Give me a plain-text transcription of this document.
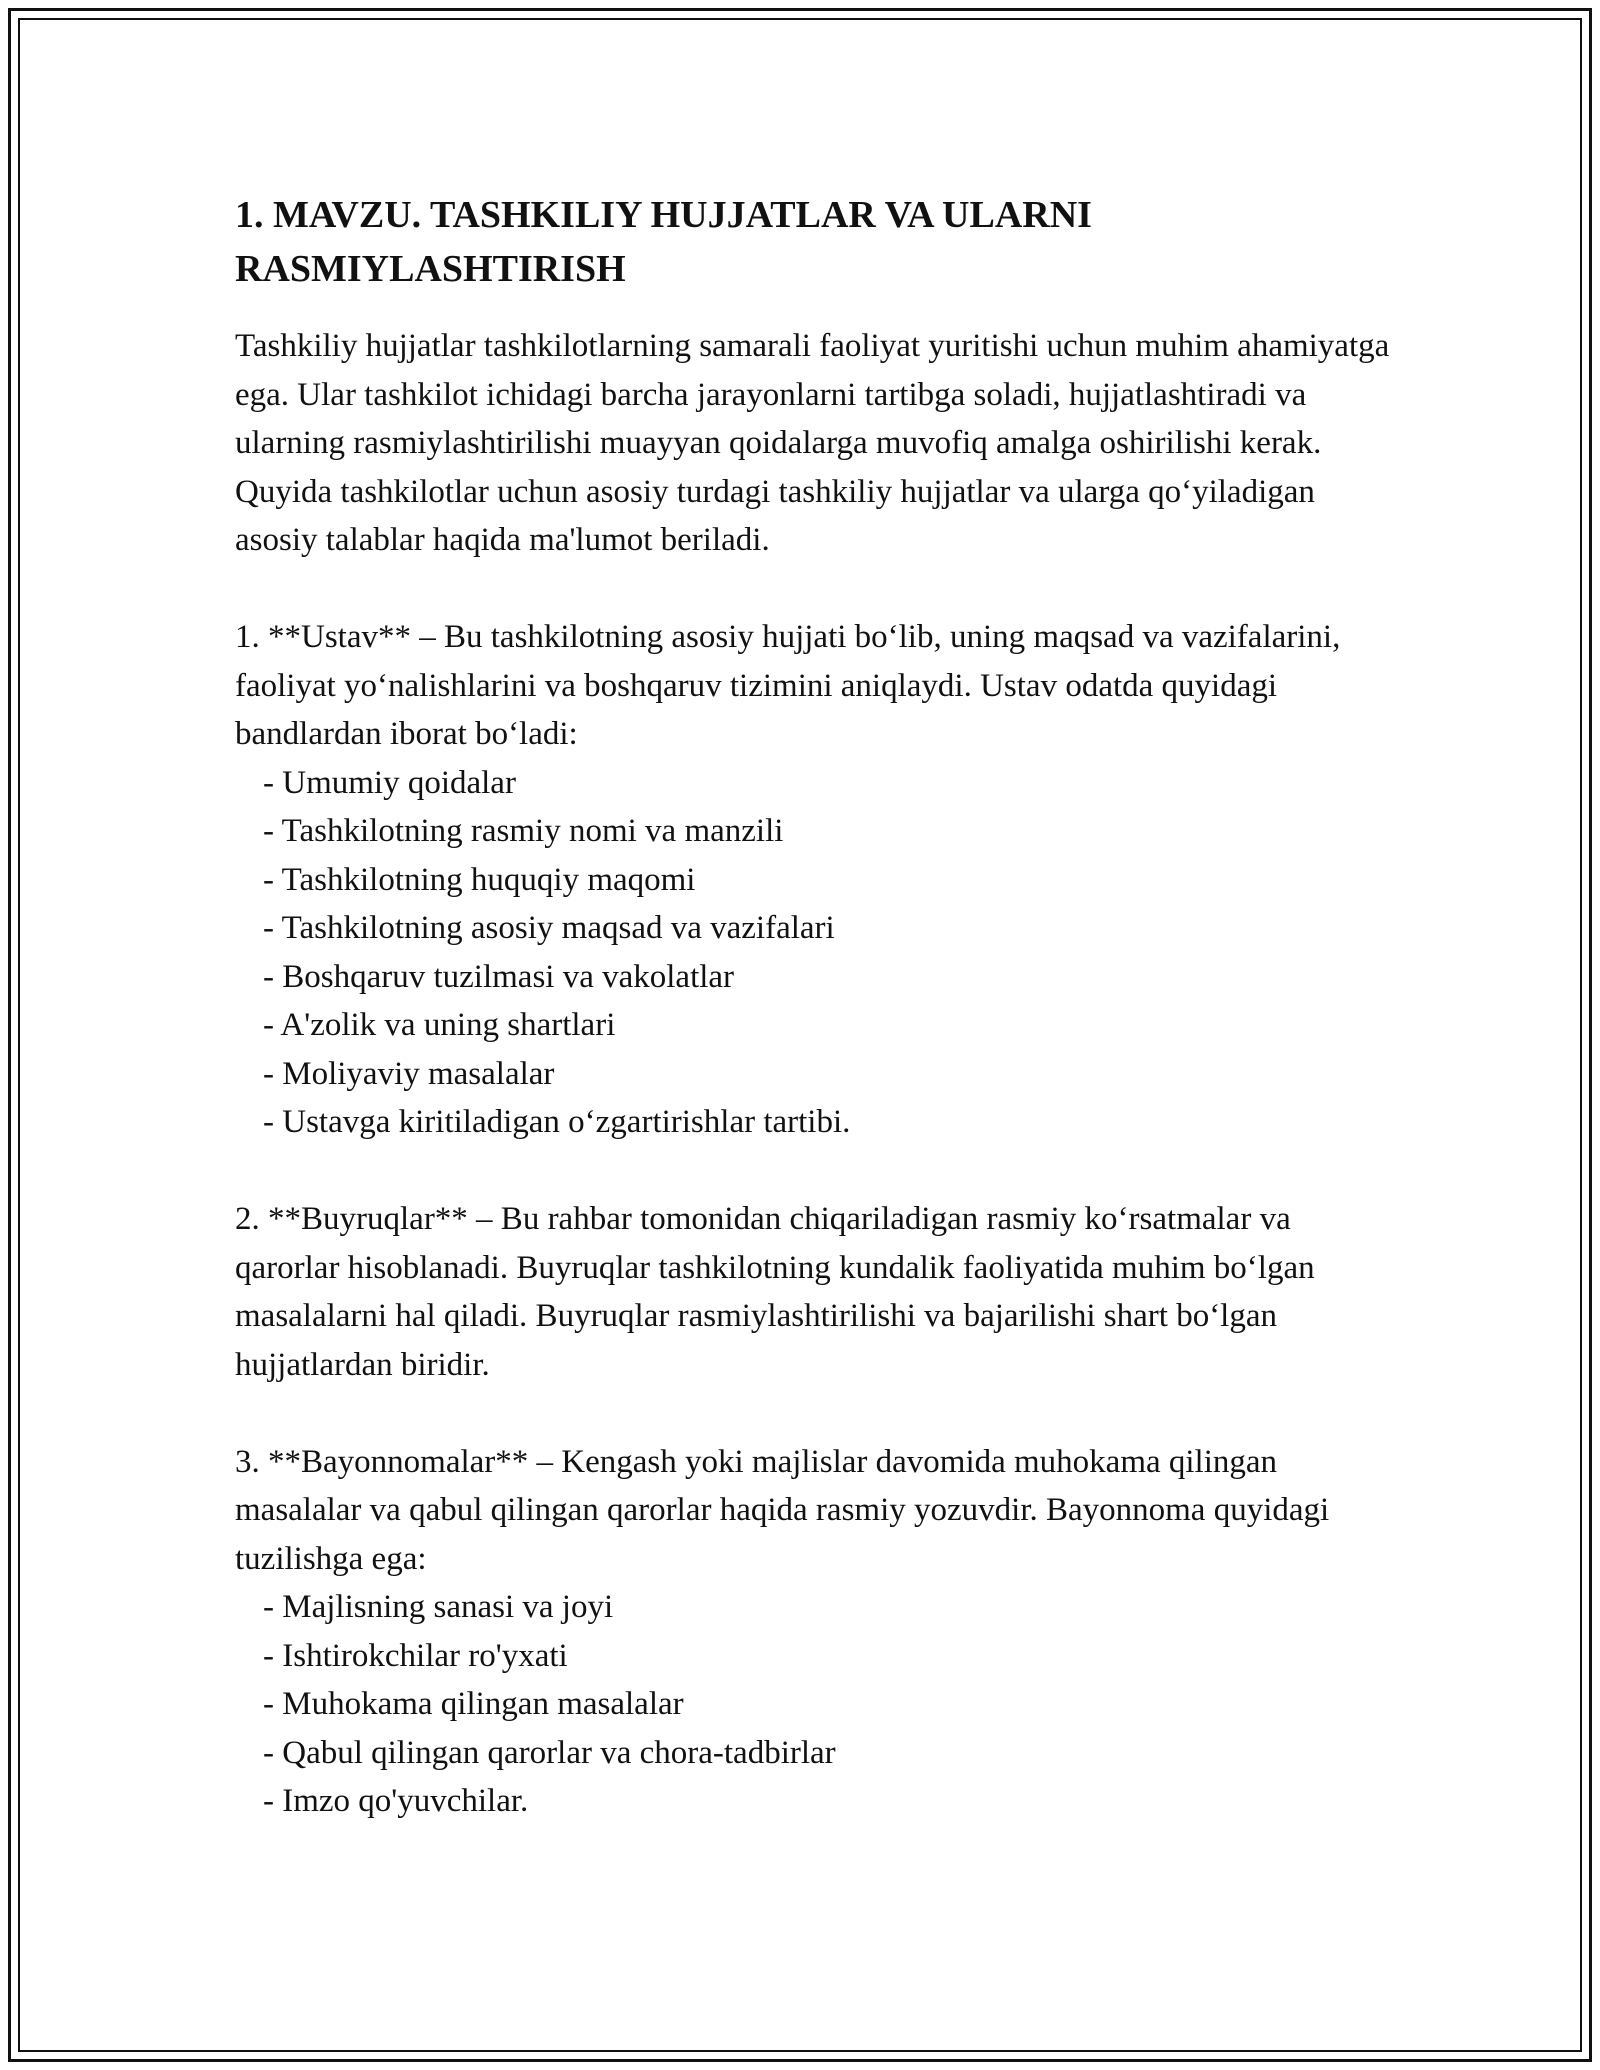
1. MAVZU. TASHKILIY HUJJATLAR VA ULARNI RASMIYLASHTIRISH

Tashkiliy hujjatlar tashkilotlarning samarali faoliyat yuritishi uchun muhim ahamiyatga ega. Ular tashkilot ichidagi barcha jarayonlarni tartibga soladi, hujjatlashtiradi va ularning rasmiylashtirilishi muayyan qoidalarga muvofiq amalga oshirilishi kerak. Quyida tashkilotlar uchun asosiy turdagi tashkiliy hujjatlar va ularga qo‘yiladigan asosiy talablar haqida ma'lumot beriladi.

1. **Ustav** – Bu tashkilotning asosiy hujjati bo‘lib, uning maqsad va vazifalarini, faoliyat yo‘nalishlarini va boshqaruv tizimini aniqlaydi. Ustav odatda quyidagi bandlardan iborat bo‘ladi:

- Umumiy qoidalar
- Tashkilotning rasmiy nomi va manzili
- Tashkilotning huquqiy maqomi
- Tashkilotning asosiy maqsad va vazifalari
- Boshqaruv tuzilmasi va vakolatlar
- A'zolik va uning shartlari
- Moliyaviy masalalar
- Ustavga kiritiladigan o‘zgartirishlar tartibi.

2. **Buyruqlar** – Bu rahbar tomonidan chiqariladigan rasmiy ko‘rsatmalar va qarorlar hisoblanadi. Buyruqlar tashkilotning kundalik faoliyatida muhim bo‘lgan masalalarni hal qiladi. Buyruqlar rasmiylashtirilishi va bajarilishi shart bo‘lgan hujjatlardan biridir.

3. **Bayonnomalar** – Kengash yoki majlislar davomida muhokama qilingan masalalar va qabul qilingan qarorlar haqida rasmiy yozuvdir. Bayonnoma quyidagi tuzilishga ega:

- Majlisning sanasi va joyi
- Ishtirokchilar ro'yxati
- Muhokama qilingan masalalar
- Qabul qilingan qarorlar va chora-tadbirlar
- Imzo qo'yuvchilar.
